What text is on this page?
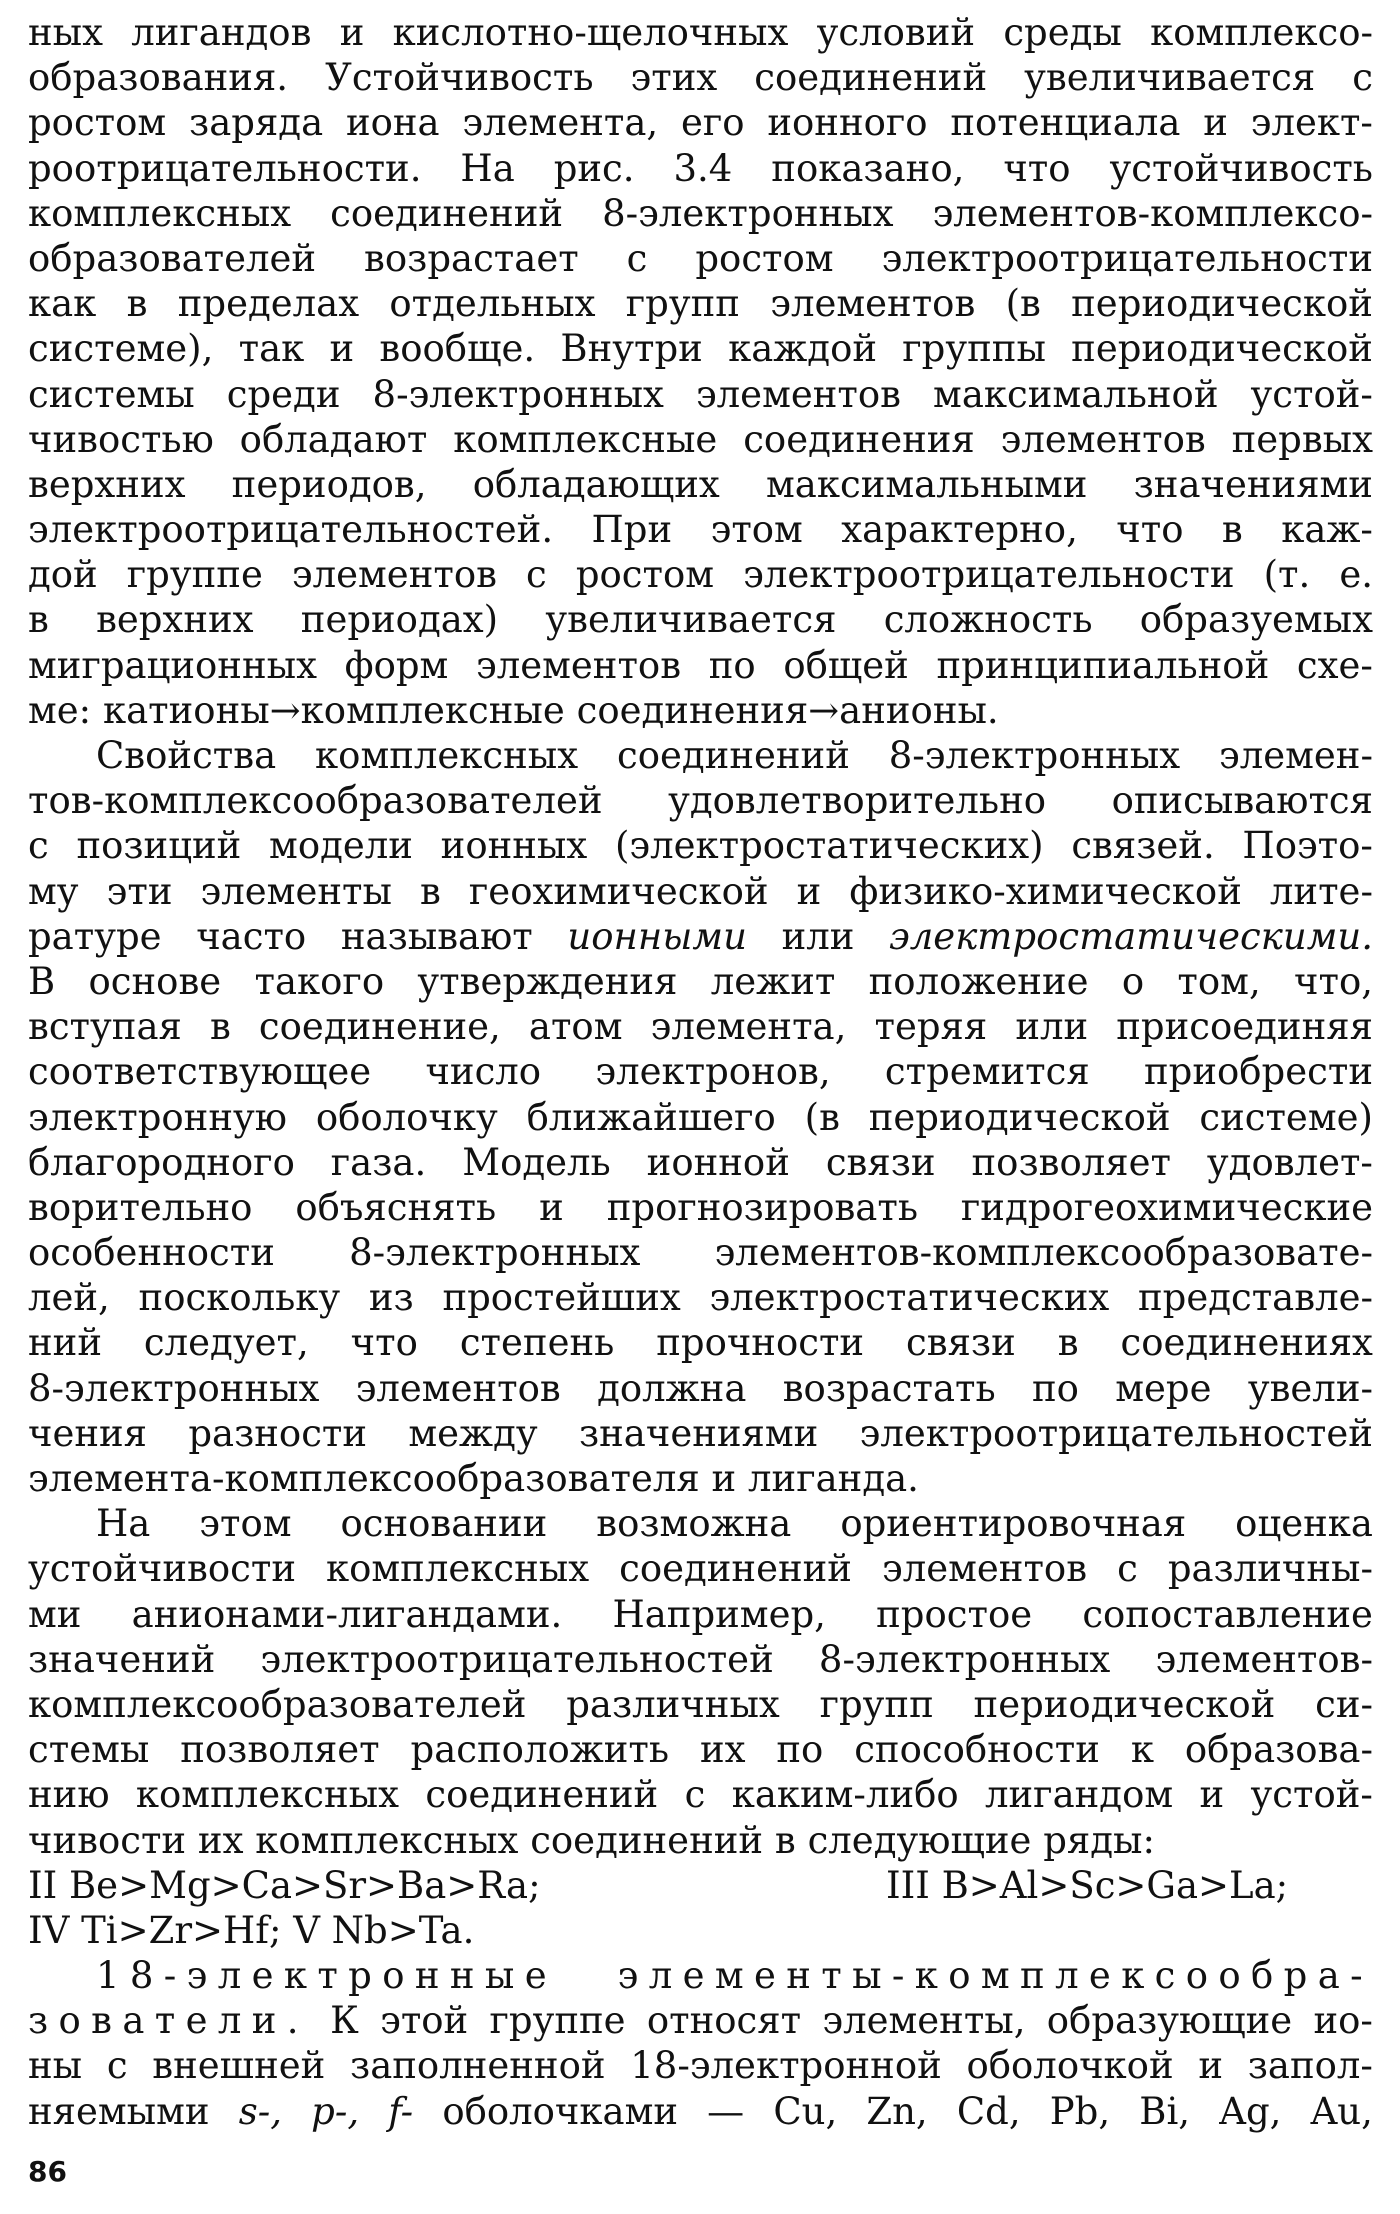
ных лигандов и кислотно-щелочных условий среды комплексо-
образования. Устойчивость этих соединений увеличивается с
ростом заряда иона элемента, его ионного потенциала и элект-
роотрицательности. На рис. 3.4 показано, что устойчивость
комплексных соединений 8-электронных элементов-комплексо-
образователей возрастает с ростом электроотрицательности
как в пределах отдельных групп элементов (в периодической
системе), так и вообще. Внутри каждой группы периодической
системы среди 8-электронных элементов максимальной устой-
чивостью обладают комплексные соединения элементов первых
верхних периодов, обладающих максимальными значениями
электроотрицательностей. При этом характерно, что в каж-
дой группе элементов с ростом электроотрицательности (т. е.
в верхних периодах) увеличивается сложность образуемых
миграционных форм элементов по общей принципиальной схе-
ме: катионы→комплексные соединения→анионы.
Свойства комплексных соединений 8-электронных элемен-
тов-комплексообразователей удовлетворительно описываются
с позиций модели ионных (электростатических) связей. Поэто-
му эти элементы в геохимической и физико-химической лите-
ратуре часто называют ионными или электростатическими.
В основе такого утверждения лежит положение о том, что,
вступая в соединение, атом элемента, теряя или присоединяя
соответствующее число электронов, стремится приобрести
электронную оболочку ближайшего (в периодической системе)
благородного газа. Модель ионной связи позволяет удовлет-
ворительно объяснять и прогнозировать гидрогеохимические
особенности 8-электронных элементов-комплексообразовате-
лей, поскольку из простейших электростатических представле-
ний следует, что степень прочности связи в соединениях
8-электронных элементов должна возрастать по мере увели-
чения разности между значениями электроотрицательностей
элемента-комплексообразователя и лиганда.
На этом основании возможна ориентировочная оценка
устойчивости комплексных соединений элементов с различны-
ми анионами-лигандами. Например, простое сопоставление
значений электроотрицательностей 8-электронных элементов-
комплексообразователей различных групп периодической си-
стемы позволяет расположить их по способности к образова-
нию комплексных соединений с каким-либо лигандом и устой-
чивости их комплексных соединений в следующие ряды:
II Be>Mg>Ca>Sr>Ba>Ra;	III B>Al>Sc>Ga>La;
IV Ti>Zr>Hf; V Nb>Ta.
18-электронные элементы-комплексообра-
зователи. К этой группе относят элементы, образующие ио-
ны с внешней заполненной 18-электронной оболочкой и запол-
няемыми s-, p-, f- оболочками — Cu, Zn, Cd, Pb, Bi, Ag, Au,
86
